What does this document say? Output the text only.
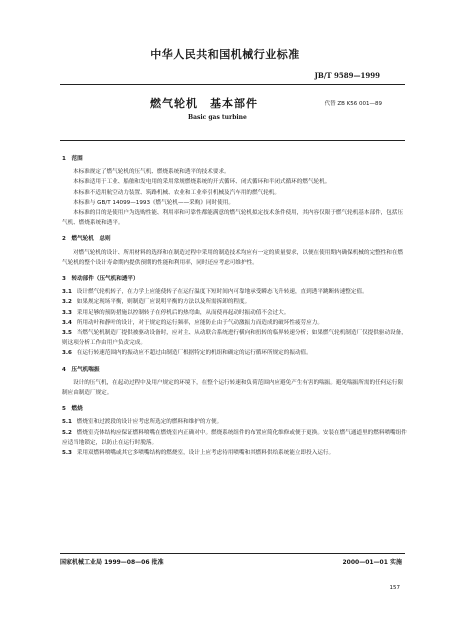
中华人民共和国机械行业标准
JB/T 9589—1999
燃气轮机　基本部件	代替 ZB K56 001—89
Basic gas turbine

1　范围

本标准规定了燃气轮机的压气机、燃烧系统和透平的技术要求。

本标准适用于工业、船舶和发电用的采用常规燃烧系统的开式循环、闭式循环和半闭式循环的燃气轮机。

本标准不适用航空动力装置、筑路机械、农业和工业牵引机械及汽车用的燃气轮机。

本标准与 GB/T 14099—1993《燃气轮机——采购》同时使用。

本标准的目的是使用户为选购性能、利用率和可靠性都能满意的燃气轮机拟定技术条件使用，其内容仅限于燃气轮机基本部件，包括压气机、燃烧系统和透平。

2　燃气轮机　总则

对燃气轮机的设计、所用材料的选择和在制造过程中采用的制造技术均应有一定的质量要求，以便在使用期内确保机械的完整性和在燃气轮机的整个设计寿命期内提供预期的性能和利用率，同时还应考虑可维护性。

3　转动部件（压气机和透平）

3.1 设计燃气轮机转子，在力学上应能使转子在运行温度下短时间内可靠地承受瞬态飞升转速，直到透平跳断转速整定值。

3.2 如果规定现场平衡，则制造厂应说明平衡的方法以及所需拆卸的程度。

3.3 采用足够的预防措施以控制转子在停机后的热弯曲，从而使再起动时振动值不会过大。

3.4 所用动叶和静叶的设计，对于规定的运行频率，应能防止由于气动激振力而造成的破坏性疲劳应力。

3.5 当燃气轮机制造厂提供被驱动设备时，应对主、从动联合系统进行横向和扭转的临界转速分析；如果燃气轮机制造厂仅提供驱动设备，则这项分析工作由用户负责完成。

3.6 在运行转速范围内的振动应不超过由制造厂根据特定的机组和确定的运行循环所规定的振动值。

4　压气机喘振

设计的压气机，在起动过程中及用户规定的环境下，在整个运行转速和负荷范围内应避免产生有害的喘振。避免喘振所需的任何运行限制应由制造厂规定。

5　燃烧

5.1 燃烧室和过渡段的设计应考虑所选定的燃料和维护的方便。

5.2 燃烧室壳体结构应保证燃料喷嘴在燃烧室内正确对中。燃烧系统组件的布置应简化维修或便于更换。安装在燃气通道里的燃料喷嘴组件应适当地锁定，以防止在运行时脱落。

5.3 采用双燃料喷嘴或其它多喷嘴结构的燃烧室，设计上应考虑待用喷嘴和其燃料供给系统能立即投入运行。

国家机械工业局 1999—08—06 批准	2000—01—01 实施
157
